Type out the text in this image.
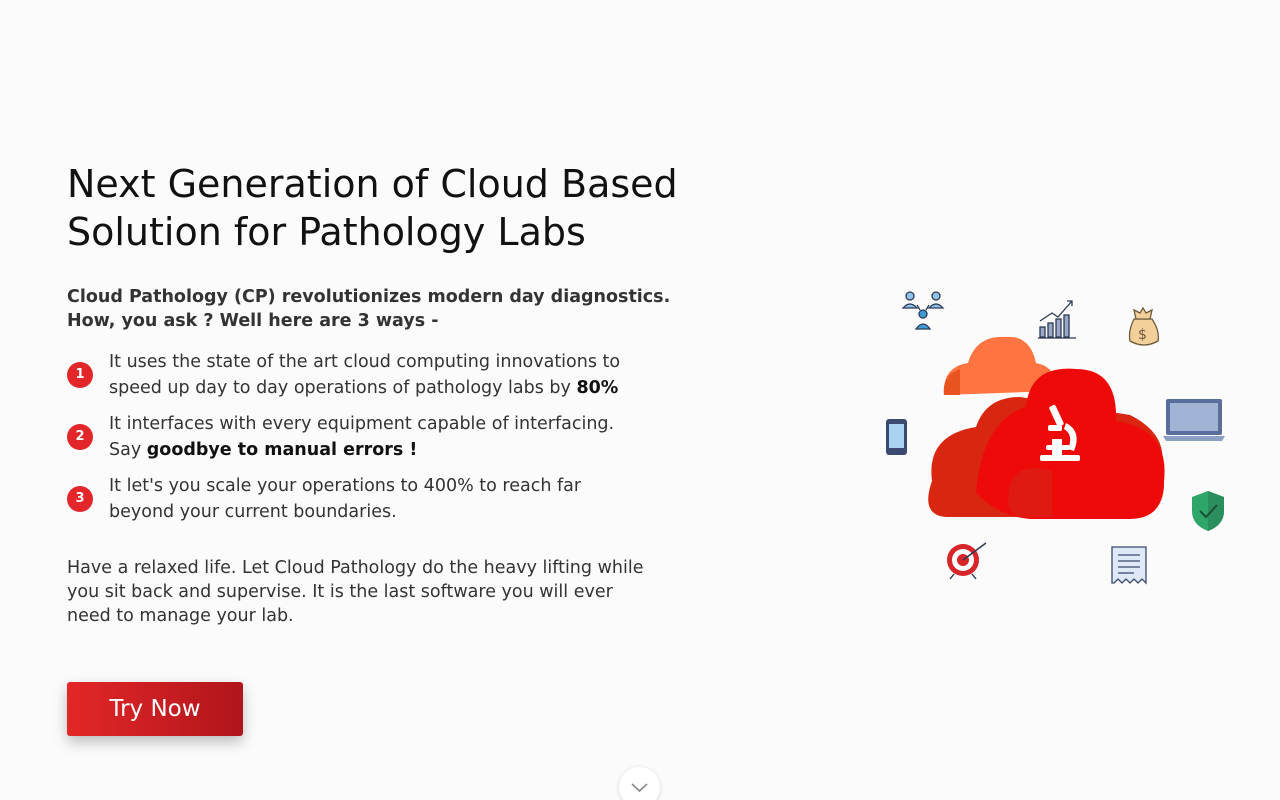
Next Generation of Cloud Based
Solution for Pathology Labs

Cloud Pathology (CP) revolutionizes modern day diagnostics.
How, you ask ? Well here are 3 ways -

1
It uses the state of the art cloud computing innovations to
speed up day to day operations of pathology labs by 80%
2
It interfaces with every equipment capable of interfacing.
Say goodbye to manual errors !
3
It let's you scale your operations to 400% to reach far
beyond your current boundaries.

Have a relaxed life. Let Cloud Pathology do the heavy lifting while
you sit back and supervise. It is the last software you will ever
need to manage your lab.

Try Now
$
